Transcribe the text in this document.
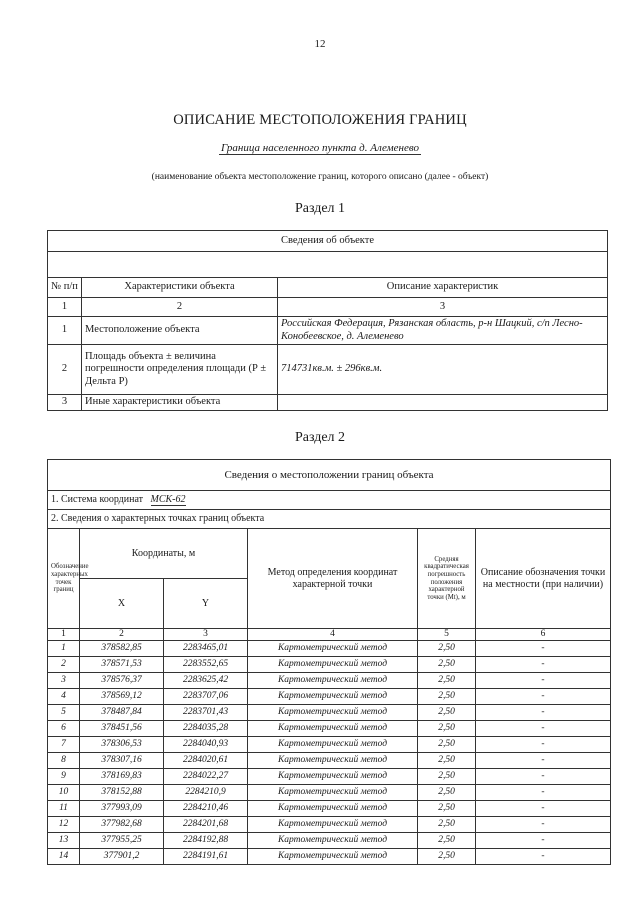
12
ОПИСАНИЕ МЕСТОПОЛОЖЕНИЯ ГРАНИЦ
Граница населенного пункта д. Алеменево
(наименование объекта местоположение границ, которого описано (далее - объект)
Раздел 1
Сведения об объекте		

№ п/п	Характеристики объекта	Описание характеристик
1	2	3
1	Местоположение объекта	Российская Федерация, Рязанская область, р-н Шацкий, с/п Лесно-Конобеевское, д. Алеменево
2	Площадь объекта ± величина погрешности определения площади (Р ± Дельта Р)	714731кв.м. ± 296кв.м.
3	Иные характеристики объекта	
Раздел 2
Сведения о местоположении границ объекта					
1. Система координат МСК-62					
2. Сведения о характерных точках границ объекта					
Обозначение характерных точек границ	Координаты, м		Метод определения координат характерной точки	Средняя квадратическая погрешность положения характерной точки (Мt), м	Описание обозначения точки на местности (при наличии)
	X	Y			
1	2	3	4	5	6
1	378582,85	2283465,01	Картометрический метод	2,50	-
2	378571,53	2283552,65	Картометрический метод	2,50	-
3	378576,37	2283625,42	Картометрический метод	2,50	-
4	378569,12	2283707,06	Картометрический метод	2,50	-
5	378487,84	2283701,43	Картометрический метод	2,50	-
6	378451,56	2284035,28	Картометрический метод	2,50	-
7	378306,53	2284040,93	Картометрический метод	2,50	-
8	378307,16	2284020,61	Картометрический метод	2,50	-
9	378169,83	2284022,27	Картометрический метод	2,50	-
10	378152,88	2284210,9	Картометрический метод	2,50	-
11	377993,09	2284210,46	Картометрический метод	2,50	-
12	377982,68	2284201,68	Картометрический метод	2,50	-
13	377955,25	2284192,88	Картометрический метод	2,50	-
14	377901,2	2284191,61	Картометрический метод	2,50	-
